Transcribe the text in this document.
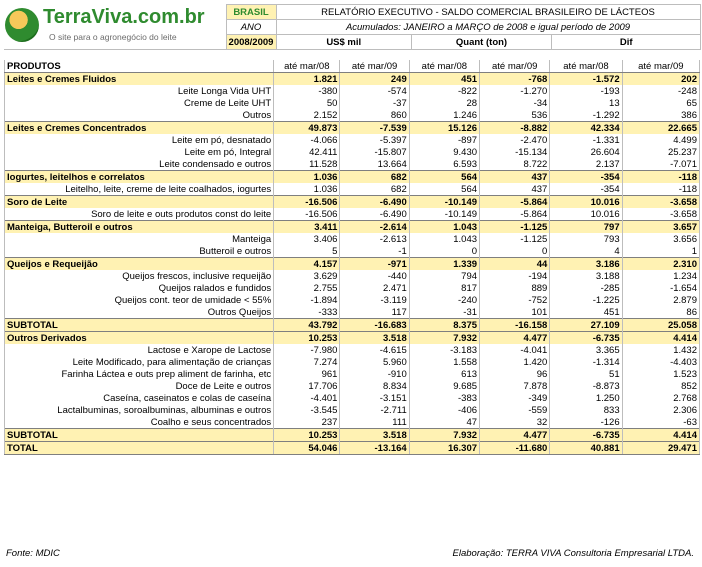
TerraViva.com.br
O site para o agronegócio do leite
	BRASIL	RELATÓRIO EXECUTIVO - SALDO COMERCIAL BRASILEIRO DE LÁCTEOS
ANO	Acumulados: JANEIRO a MARÇO de 2008 e igual período de 2009
2008/2009		US$ mil	Quant (ton)	Dif
PRODUTOS	até mar/08	até mar/09	até mar/08	até mar/09	até mar/08	até mar/09
Leites e Cremes Fluidos	1.821	249	451	-768	-1.572	202
Leite Longa Vida UHT	-380	-574	-822	-1.270	-193	-248
Creme de Leite UHT	50	-37	28	-34	13	65
Outros	2.152	860	1.246	536	-1.292	386
Leites e Cremes Concentrados	49.873	-7.539	15.126	-8.882	42.334	22.665
Leite em pó, desnatado	-4.066	-5.397	-897	-2.470	-1.331	4.499
Leite em pó, Integral	42.411	-15.807	9.430	-15.134	26.604	25.237
Leite condensado e outros	11.528	13.664	6.593	8.722	2.137	-7.071
Iogurtes, leitelhos e correlatos	1.036	682	564	437	-354	-118
Leitelho, leite, creme de leite coalhados, iogurtes	1.036	682	564	437	-354	-118
Soro de Leite	-16.506	-6.490	-10.149	-5.864	10.016	-3.658
Soro de leite e outs produtos const do leite	-16.506	-6.490	-10.149	-5.864	10.016	-3.658
Manteiga, Butteroil e outros	3.411	-2.614	1.043	-1.125	797	3.657
Manteiga	3.406	-2.613	1.043	-1.125	793	3.656
Butteroil e outros	5	-1	0	0	4	1
Queijos e Requeijão	4.157	-971	1.339	44	3.186	2.310
Queijos frescos, inclusive requeijão	3.629	-440	794	-194	3.188	1.234
Queijos ralados e fundidos	2.755	2.471	817	889	-285	-1.654
Queijos cont. teor de umidade < 55%	-1.894	-3.119	-240	-752	-1.225	2.879
Outros Queijos	-333	117	-31	101	451	86
SUBTOTAL	43.792	-16.683	8.375	-16.158	27.109	25.058
Outros Derivados	10.253	3.518	7.932	4.477	-6.735	4.414
Lactose e Xarope de Lactose	-7.980	-4.615	-3.183	-4.041	3.365	1.432
Leite Modificado, para alimentação de crianças	7.274	5.960	1.558	1.420	-1.314	-4.403
Farinha Láctea e outs prep aliment de farinha, etc	961	-910	613	96	51	1.523
Doce de Leite e outros	17.706	8.834	9.685	7.878	-8.873	852
Caseína, caseinatos e colas de caseína	-4.401	-3.151	-383	-349	1.250	2.768
Lactalbuminas, soroalbuminas, albuminas e outros	-3.545	-2.711	-406	-559	833	2.306
Coalho e seus concentrados	237	111	47	32	-126	-63
SUBTOTAL	10.253	3.518	7.932	4.477	-6.735	4.414
TOTAL	54.046	-13.164	16.307	-11.680	40.881	29.471
Fonte: MDIC	Elaboração: TERRA VIVA Consultoria Empresarial LTDA.
